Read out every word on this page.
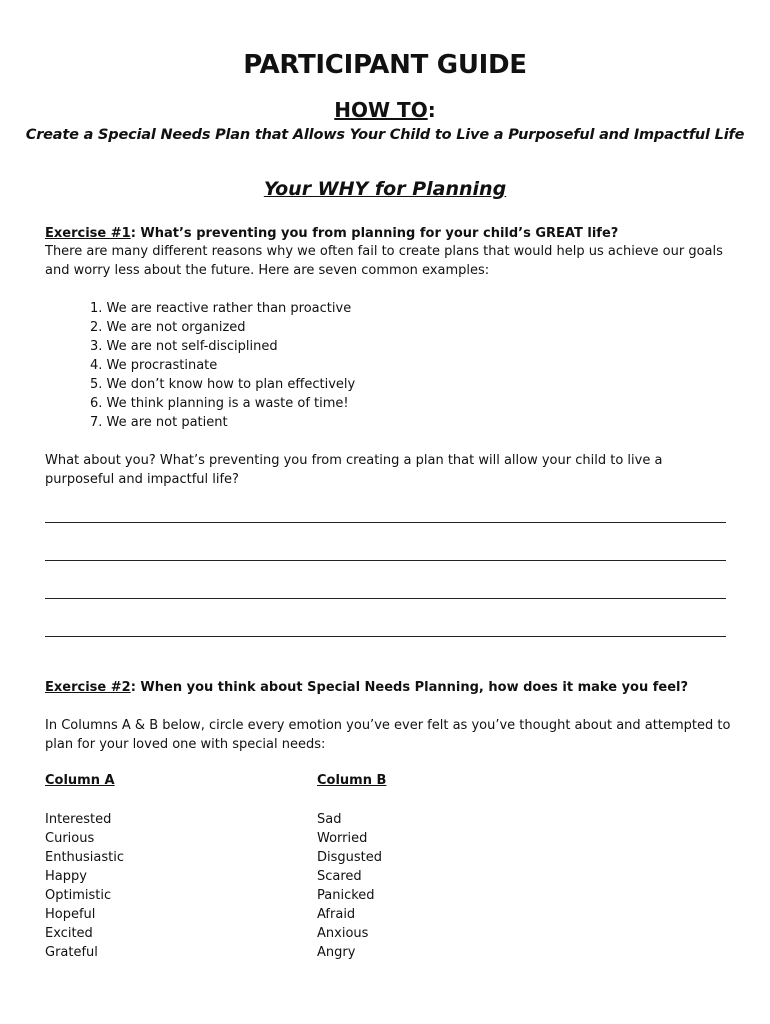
PARTICIPANT GUIDE
HOW TO:
Create a Special Needs Plan that Allows Your Child to Live a Purposeful and Impactful Life
Your WHY for Planning
Exercise #1: What’s preventing you from planning for your child’s GREAT life?
There are many different reasons why we often fail to create plans that would help us achieve our goals and worry less about the future. Here are seven common examples:
1. We are reactive rather than proactive
2. We are not organized
3. We are not self-disciplined
4. We procrastinate
5. We don’t know how to plan effectively
6. We think planning is a waste of time!
7. We are not patient
What about you? What’s preventing you from creating a plan that will allow your child to live a purposeful and impactful life?
Exercise #2: When you think about Special Needs Planning, how does it make you feel?
In Columns A & B below, circle every emotion you’ve ever felt as you’ve thought about and attempted to plan for your loved one with special needs:
Column A	Column B
Interested
Curious
Enthusiastic
Happy
Optimistic
Hopeful
Excited
Grateful
Sad
Worried
Disgusted
Scared
Panicked
Afraid
Anxious
Angry
